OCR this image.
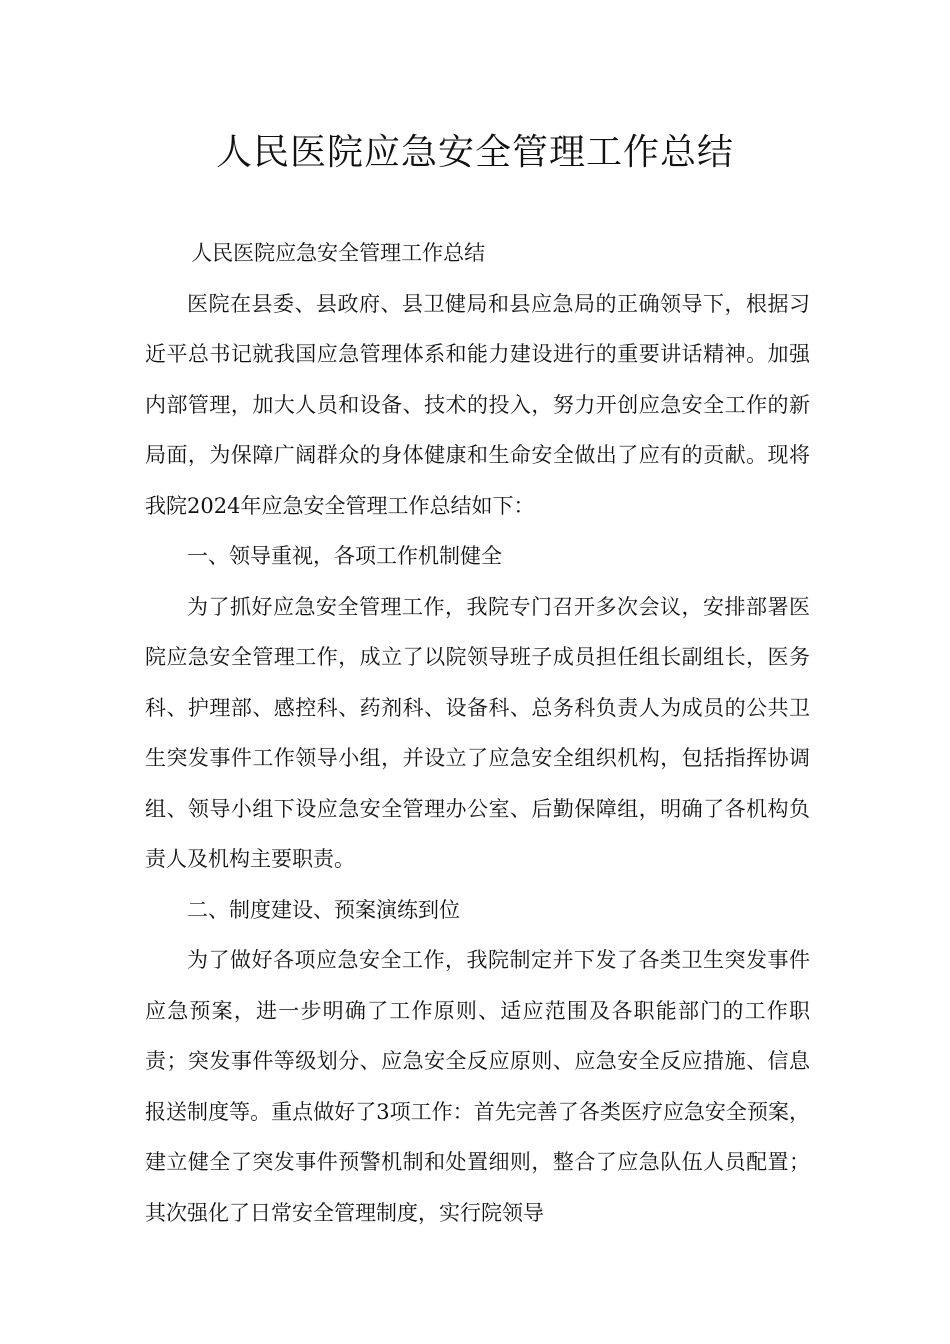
人民医院应急安全管理工作总结

人民医院应急安全管理工作总结

医院在县委、县政府、县卫健局和县应急局的正确领导下，根据习近平总书记就我国应急管理体系和能力建设进行的重要讲话精神。加强内部管理，加大人员和设备、技术的投入，努力开创应急安全工作的新局面，为保障广阔群众的身体健康和生命安全做出了应有的贡献。现将我院2024年应急安全管理工作总结如下：

一、领导重视，各项工作机制健全

为了抓好应急安全管理工作，我院专门召开多次会议，安排部署医院应急安全管理工作，成立了以院领导班子成员担任组长副组长，医务科、护理部、感控科、药剂科、设备科、总务科负责人为成员的公共卫生突发事件工作领导小组，并设立了应急安全组织机构，包括指挥协调组、领导小组下设应急安全管理办公室、后勤保障组，明确了各机构负责人及机构主要职责。

二、制度建设、预案演练到位

为了做好各项应急安全工作，我院制定并下发了各类卫生突发事件应急预案，进一步明确了工作原则、适应范围及各职能部门的工作职责；突发事件等级划分、应急安全反应原则、应急安全反应措施、信息报送制度等。重点做好了3项工作：首先完善了各类医疗应急安全预案，建立健全了突发事件预警机制和处置细则，整合了应急队伍人员配置；其次强化了日常安全管理制度，实行院领导
